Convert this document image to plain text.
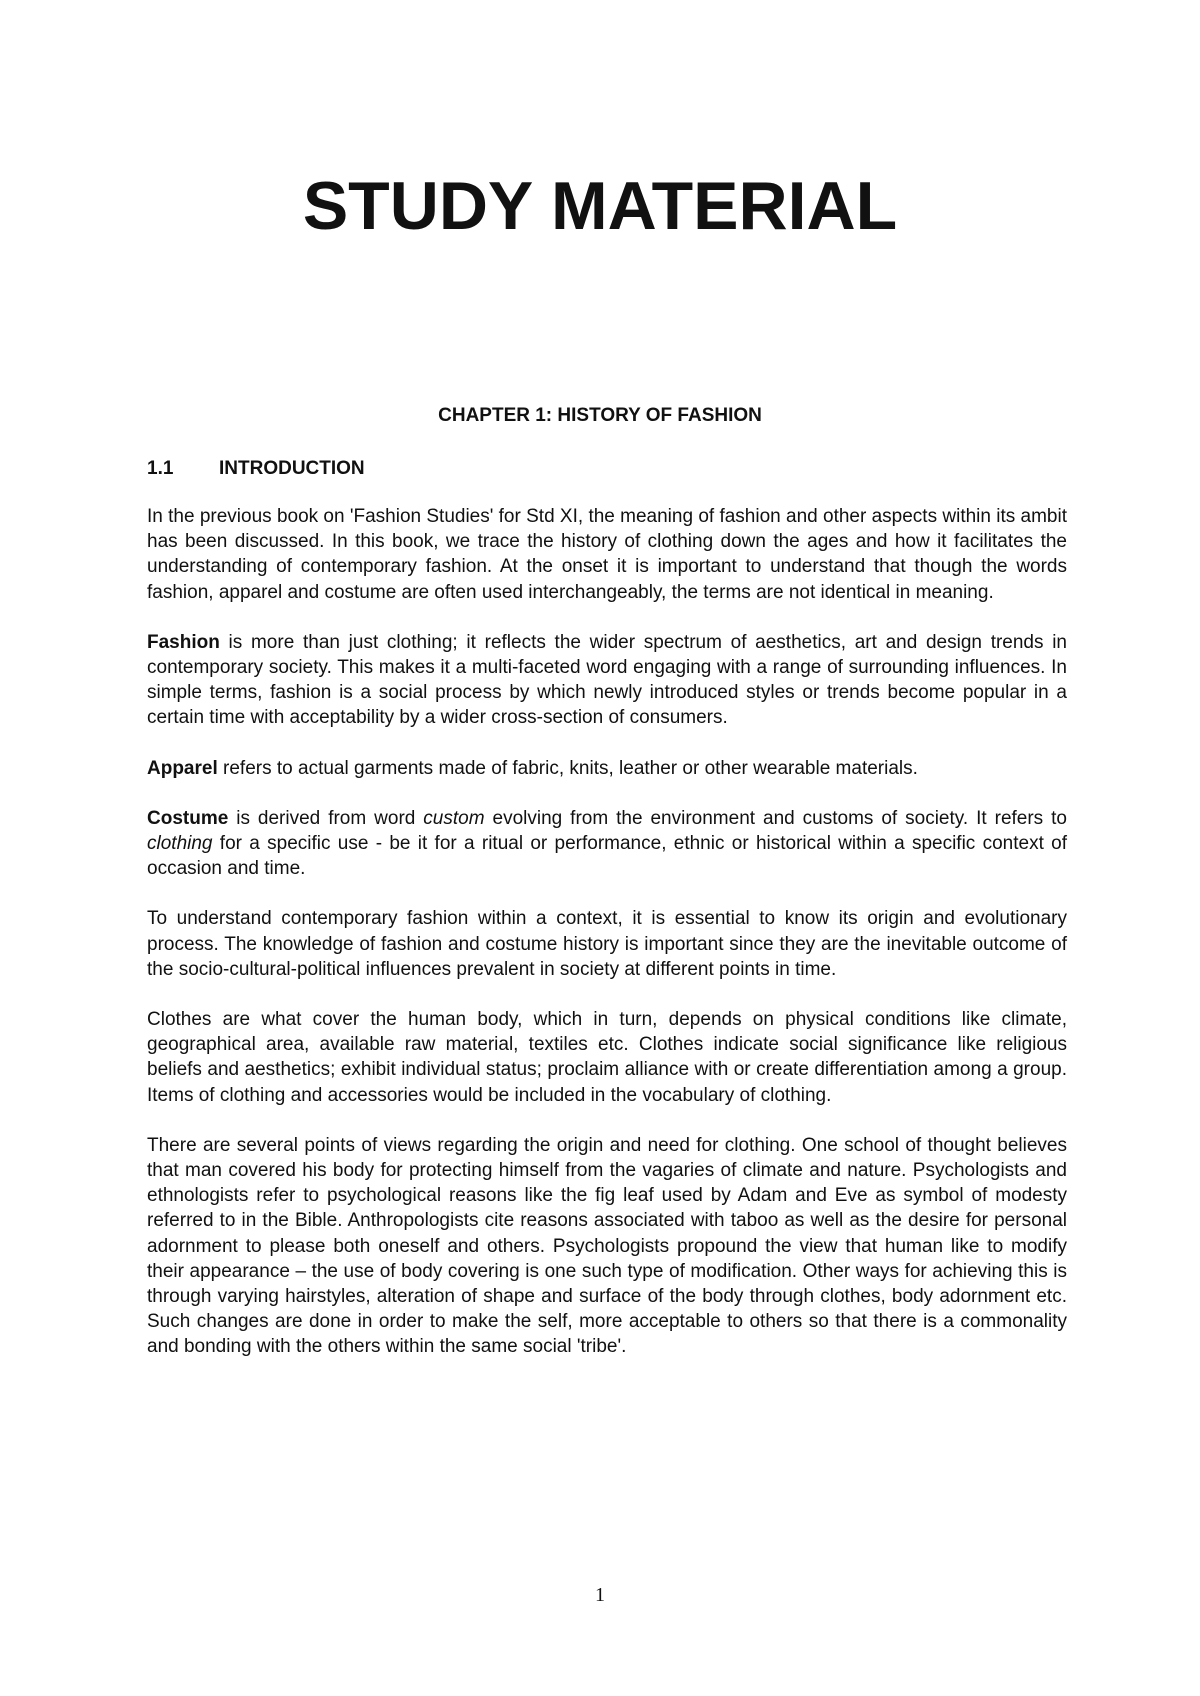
STUDY MATERIAL
CHAPTER 1: HISTORY OF FASHION
1.1 INTRODUCTION

In the previous book on 'Fashion Studies' for Std XI, the meaning of fashion and other aspects within its ambit has been discussed. In this book, we trace the history of clothing down the ages and how it facilitates the understanding of contemporary fashion. At the onset it is important to understand that though the words fashion, apparel and costume are often used interchangeably, the terms are not identical in meaning.

Fashion is more than just clothing; it reflects the wider spectrum of aesthetics, art and design trends in contemporary society. This makes it a multi-faceted word engaging with a range of surrounding influences. In simple terms, fashion is a social process by which newly introduced styles or trends become popular in a certain time with acceptability by a wider cross-section of consumers.

Apparel refers to actual garments made of fabric, knits, leather or other wearable materials.

Costume is derived from word custom evolving from the environment and customs of society. It refers to clothing for a specific use - be it for a ritual or performance, ethnic or historical within a specific context of occasion and time.

To understand contemporary fashion within a context, it is essential to know its origin and evolutionary process. The knowledge of fashion and costume history is important since they are the inevitable outcome of the socio-cultural-political influences prevalent in society at different points in time.

Clothes are what cover the human body, which in turn, depends on physical conditions like climate, geographical area, available raw material, textiles etc. Clothes indicate social significance like religious beliefs and aesthetics; exhibit individual status; proclaim alliance with or create differentiation among a group. Items of clothing and accessories would be included in the vocabulary of clothing.

There are several points of views regarding the origin and need for clothing. One school of thought believes that man covered his body for protecting himself from the vagaries of climate and nature. Psychologists and ethnologists refer to psychological reasons like the fig leaf used by Adam and Eve as symbol of modesty referred to in the Bible. Anthropologists cite reasons associated with taboo as well as the desire for personal adornment to please both oneself and others. Psychologists propound the view that human like to modify their appearance – the use of body covering is one such type of modification. Other ways for achieving this is through varying hairstyles, alteration of shape and surface of the body through clothes, body adornment etc. Such changes are done in order to make the self, more acceptable to others so that there is a commonality and bonding with the others within the same social 'tribe'.

1
